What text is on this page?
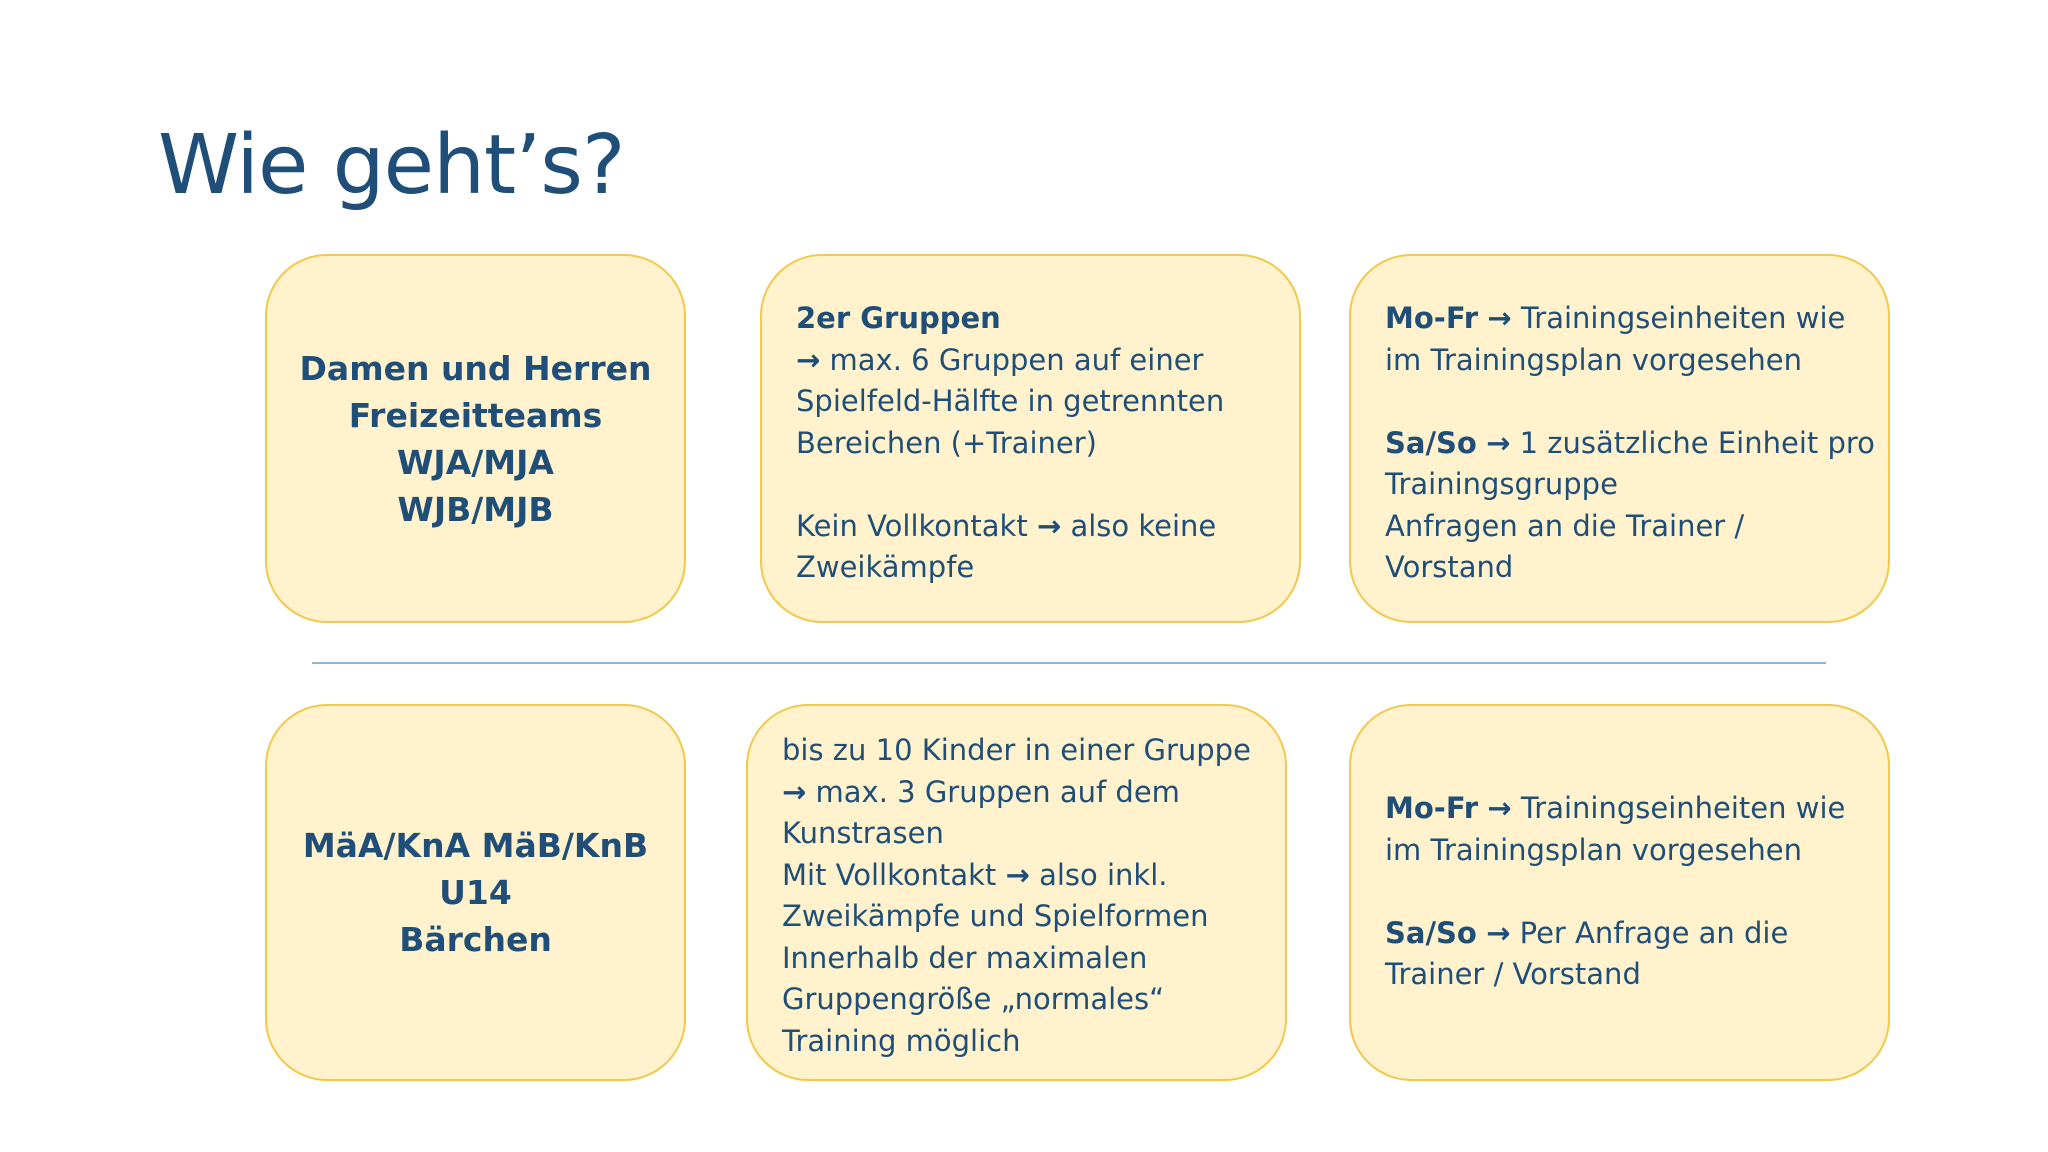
Wie geht’s?
Damen und Herren
Freizeitteams
WJA/MJA
WJB/MJB
2er Gruppen
→ max. 6 Gruppen auf einer
Spielfeld-Hälfte in getrennten
Bereichen (+Trainer)
Kein Vollkontakt → also keine
Zweikämpfe
Mo-Fr → Trainingseinheiten wie
im Trainingsplan vorgesehen
Sa/So → 1 zusätzliche Einheit pro
Trainingsgruppe
Anfragen an die Trainer /
Vorstand
MäA/KnA MäB/KnB
U14
Bärchen
bis zu 10 Kinder in einer Gruppe
→ max. 3 Gruppen auf dem
Kunstrasen
Mit Vollkontakt → also inkl.
Zweikämpfe und Spielformen
Innerhalb der maximalen
Gruppengröße „normales“
Training möglich
Mo-Fr → Trainingseinheiten wie
im Trainingsplan vorgesehen
Sa/So → Per Anfrage an die
Trainer / Vorstand
